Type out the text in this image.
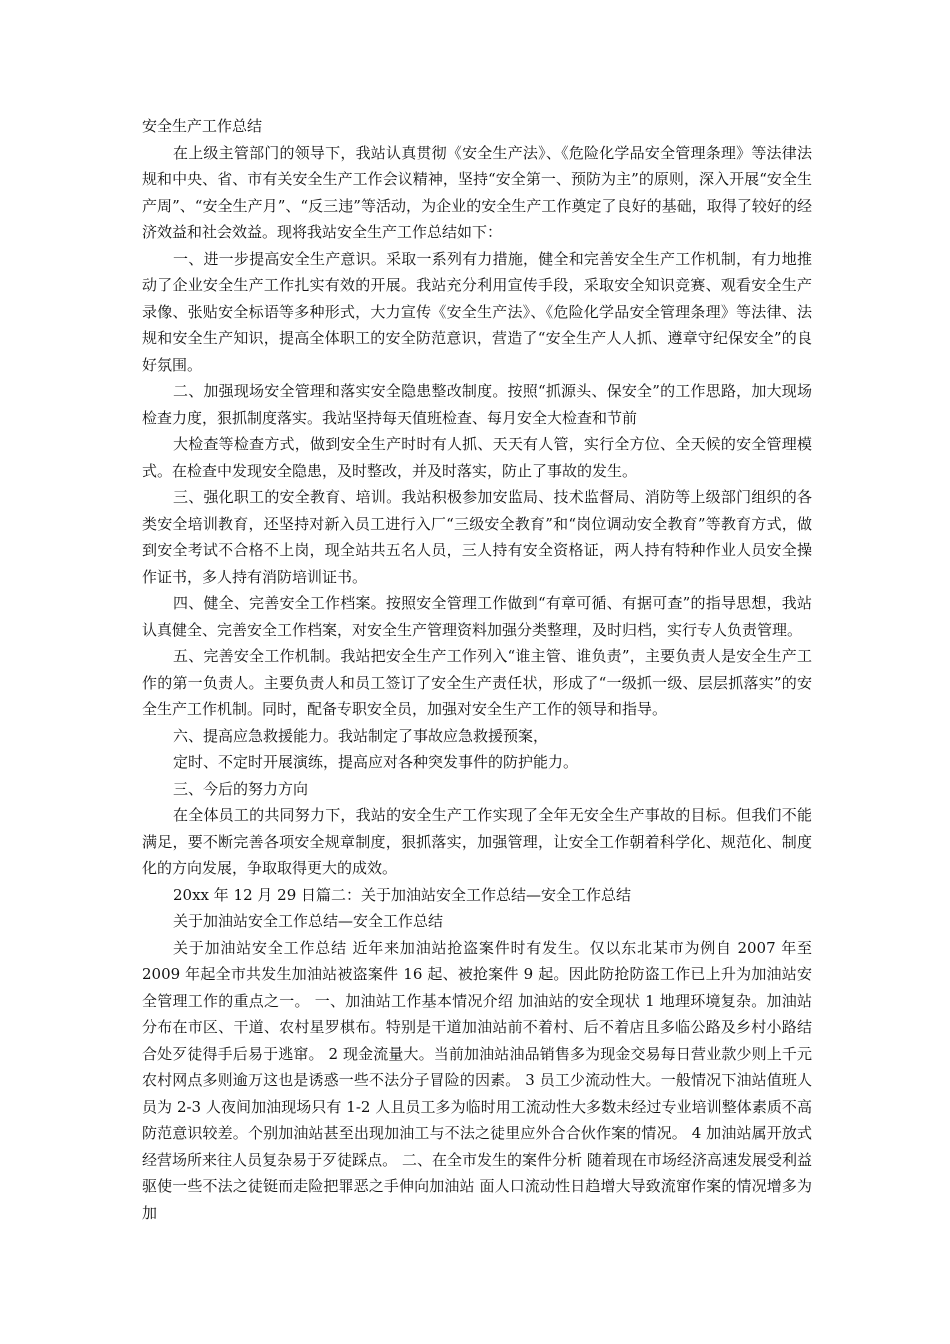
安全生产工作总结

在上级主管部门的领导下，我站认真贯彻《安全生产法》、《危险化学品安全管理条理》等法律法规和中央、省、市有关安全生产工作会议精神，坚持“安全第一、预防为主”的原则，深入开展“安全生产周”、“安全生产月”、“反三违”等活动，为企业的安全生产工作奠定了良好的基础，取得了较好的经济效益和社会效益。现将我站安全生产工作总结如下：

一、进一步提高安全生产意识。采取一系列有力措施，健全和完善安全生产工作机制，有力地推动了企业安全生产工作扎实有效的开展。我站充分利用宣传手段，采取安全知识竞赛、观看安全生产录像、张贴安全标语等多种形式，大力宣传《安全生产法》、《危险化学品安全管理条理》等法律、法规和安全生产知识，提高全体职工的安全防范意识，营造了“安全生产人人抓、遵章守纪保安全”的良好氛围。

二、加强现场安全管理和落实安全隐患整改制度。按照“抓源头、保安全”的工作思路，加大现场检查力度，狠抓制度落实。我站坚持每天值班检查、每月安全大检查和节前

大检查等检查方式，做到安全生产时时有人抓、天天有人管，实行全方位、全天候的安全管理模式。在检查中发现安全隐患，及时整改，并及时落实，防止了事故的发生。

三、强化职工的安全教育、培训。我站积极参加安监局、技术监督局、消防等上级部门组织的各类安全培训教育，还坚持对新入员工进行入厂“三级安全教育”和“岗位调动安全教育”等教育方式，做到安全考试不合格不上岗，现全站共五名人员，三人持有安全资格证，两人持有特种作业人员安全操作证书，多人持有消防培训证书。

四、健全、完善安全工作档案。按照安全管理工作做到“有章可循、有据可查”的指导思想，我站认真健全、完善安全工作档案，对安全生产管理资料加强分类整理，及时归档，实行专人负责管理。

五、完善安全工作机制。我站把安全生产工作列入“谁主管、谁负责”，主要负责人是安全生产工作的第一负责人。主要负责人和员工签订了安全生产责任状，形成了“一级抓一级、层层抓落实”的安全生产工作机制。同时，配备专职安全员，加强对安全生产工作的领导和指导。

六、提高应急救援能力。我站制定了事故应急救援预案，

定时、不定时开展演练，提高应对各种突发事件的防护能力。

三、今后的努力方向

在全体员工的共同努力下，我站的安全生产工作实现了全年无安全生产事故的目标。但我们不能满足，要不断完善各项安全规章制度，狠抓落实，加强管理，让安全工作朝着科学化、规范化、制度化的方向发展，争取取得更大的成效。

20xx 年 12 月 29 日篇二：关于加油站安全工作总结—安全工作总结

关于加油站安全工作总结—安全工作总结

关于加油站安全工作总结 近年来加油站抢盗案件时有发生。仅以东北某市为例自 2007 年至 2009 年起全市共发生加油站被盗案件 16 起、被抢案件 9 起。因此防抢防盗工作已上升为加油站安全管理工作的重点之一。 一、加油站工作基本情况介绍 加油站的安全现状 1 地理环境复杂。加油站分布在市区、干道、农村星罗棋布。特别是干道加油站前不着村、后不着店且多临公路及乡村小路结合处歹徒得手后易于逃窜。 2 现金流量大。当前加油站油品销售多为现金交易每日营业款少则上千元农村网点多则逾万这也是诱惑一些不法分子冒险的因素。 3 员工少流动性大。一般情况下油站值班人员为 2-3 人夜间加油现场只有 1-2 人且员工多为临时用工流动性大多数未经过专业培训整体素质不高防范意识较差。个别加油站甚至出现加油工与不法之徒里应外合合伙作案的情况。 4 加油站属开放式经营场所来往人员复杂易于歹徒踩点。 二、在全市发生的案件分析 随着现在市场经济高速发展受利益驱使一些不法之徒铤而走险把罪恶之手伸向加油站 面人口流动性日趋增大导致流窜作案的情况增多为加
